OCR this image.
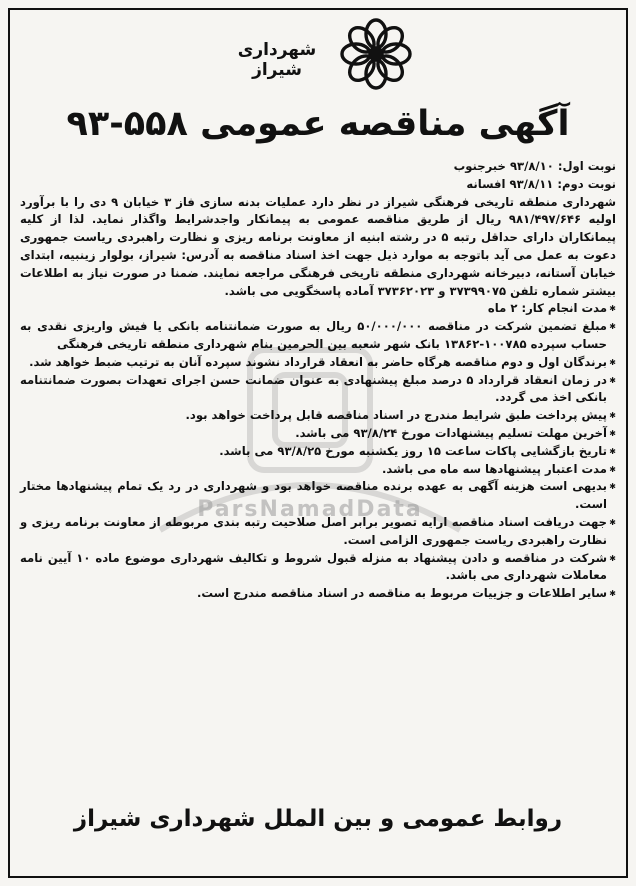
شهرداری شیراز
آگهی مناقصه عمومی ۵۵۸-۹۳
ParsNamadData

نوبت اول: ۹۳/۸/۱۰ خبرجنوب

نوبت دوم: ۹۳/۸/۱۱ افسانه

شهرداری منطقه تاریخی فرهنگی شیراز در نظر دارد عملیات بدنه سازی فاز ۳ خیابان ۹ دی را با برآورد اولیه ۹۸۱/۴۹۷/۶۴۶ ریال از طریق مناقصه عمومی به پیمانکار واجدشرایط واگذار نماید. لذا از کلیه پیمانکاران دارای حداقل رتبه ۵ در رشته ابنیه از معاونت برنامه ریزی و نظارت راهبردی ریاست جمهوری دعوت به عمل می آید باتوجه به موارد ذیل جهت اخذ اسناد مناقصه به آدرس: شیراز، بولوار زینبیه، ابتدای خیابان آستانه، دبیرخانه شهرداری منطقه تاریخی فرهنگی مراجعه نمایند. ضمنا در صورت نیاز به اطلاعات بیشتر شماره تلفن ۳۷۳۹۹۰۷۵ و ۳۷۳۶۲۰۲۳ آماده پاسخگویی می باشد.

✱ مدت انجام کار: ۲ ماه
✱ مبلغ تضمین شرکت در مناقصه ۵۰/۰۰۰/۰۰۰ ریال به صورت ضمانتنامه بانکی یا فیش واریزی نقدی به حساب سپرده ۱۰۰۷۸۵-۱۳۸۶۲ بانک شهر شعبه بین الحرمین بنام شهرداری منطقه تاریخی فرهنگی
✱ برندگان اول و دوم مناقصه هرگاه حاضر به انعقاد قرارداد نشوند سپرده آنان به ترتیب ضبط خواهد شد.
✱ در زمان انعقاد قرارداد ۵ درصد مبلغ پیشنهادی به عنوان ضمانت حسن اجرای تعهدات بصورت ضمانتنامه بانکی اخذ می گردد.
✱ پیش پرداخت طبق شرایط مندرج در اسناد مناقصه قابل پرداخت خواهد بود.
✱ آخرین مهلت تسلیم پیشنهادات مورخ ۹۳/۸/۲۴ می باشد.
✱ تاریخ بازگشایی پاکات ساعت ۱۵ روز یکشنبه مورخ ۹۳/۸/۲۵ می باشد.
✱ مدت اعتبار پیشنهادها سه ماه می باشد.
✱ بدیهی است هزینه آگهی به عهده برنده مناقصه خواهد بود و شهرداری در رد یک تمام پیشنهادها مختار است.
✱ جهت دریافت اسناد مناقصه ارایه تصویر برابر اصل صلاحیت رتبه بندی مربوطه از معاونت برنامه ریزی و نظارت راهبردی ریاست جمهوری الزامی است.
✱ شرکت در مناقصه و دادن پیشنهاد به منزله قبول شروط و تکالیف شهرداری موضوع ماده ۱۰ آیین نامه معاملات شهرداری می باشد.
✱ سایر اطلاعات و جزییات مربوط به مناقصه در اسناد مناقصه مندرج است.
روابط عمومی و بین الملل شهرداری شیراز
